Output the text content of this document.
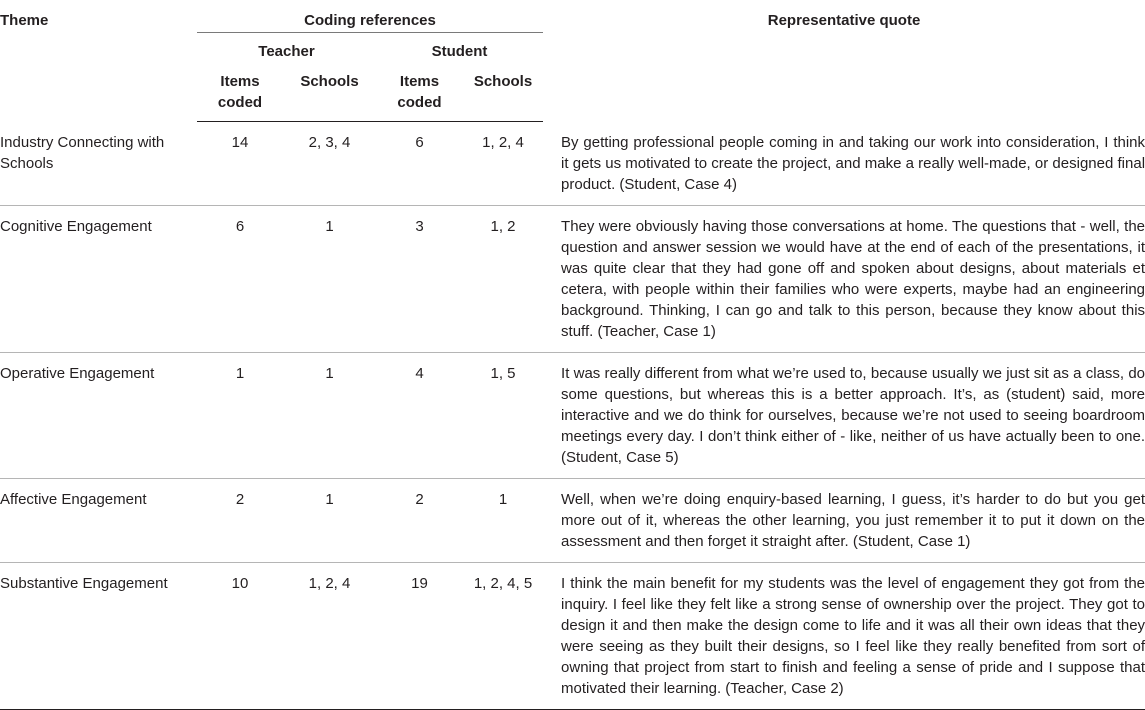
Theme	Coding references				Representative quote
	Teacher		Student		
	Items coded	Schools	Items coded	Schools	
Industry Connecting with Schools	14	2, 3, 4	6	1, 2, 4	By getting professional people coming in and taking our work into consideration, I think it gets us motivated to create the project, and make a really well-made, or designed final product. (Student, Case 4)
Cognitive Engagement	6	1	3	1, 2	They were obviously having those conversations at home. The questions that - well, the question and answer session we would have at the end of each of the presentations, it was quite clear that they had gone off and spoken about designs, about materials et cetera, with people within their families who were experts, maybe had an engineering background. Thinking, I can go and talk to this person, because they know about this stuff. (Teacher, Case 1)
Operative Engagement	1	1	4	1, 5	It was really different from what we’re used to, because usually we just sit as a class, do some questions, but whereas this is a better approach. It’s, as (student) said, more interactive and we do think for ourselves, because we’re not used to seeing boardroom meetings every day. I don’t think either of - like, neither of us have actually been to one. (Student, Case 5)
Affective Engagement	2	1	2	1	Well, when we’re doing enquiry-based learning, I guess, it’s harder to do but you get more out of it, whereas the other learning, you just remember it to put it down on the assessment and then forget it straight after. (Student, Case 1)
Substantive Engagement	10	1, 2, 4	19	1, 2, 4, 5	I think the main benefit for my students was the level of engagement they got from the inquiry. I feel like they felt like a strong sense of ownership over the project. They got to design it and then make the design come to life and it was all their own ideas that they were seeing as they built their designs, so I feel like they really benefited from sort of owning that project from start to finish and feeling a sense of pride and I suppose that motivated their learning. (Teacher, Case 2)
